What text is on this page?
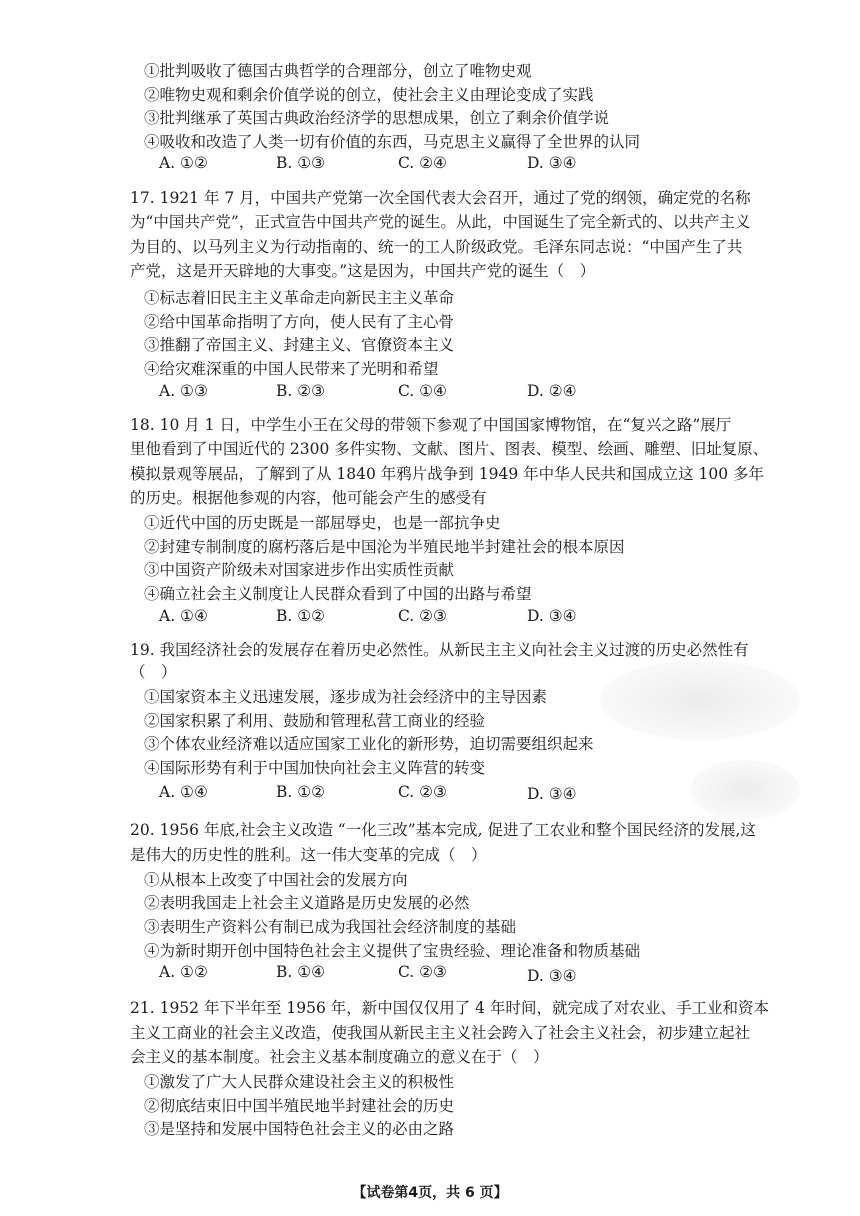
①批判吸收了德国古典哲学的合理部分，创立了唯物史观
②唯物史观和剩余价值学说的创立，使社会主义由理论变成了实践
③批判继承了英国古典政治经济学的思想成果，创立了剩余价值学说
④吸收和改造了人类一切有价值的东西，马克思主义赢得了全世界的认同
A. ①②	B. ①③	C. ②④	D. ③④
17. 1921 年 7 月，中国共产党第一次全国代表大会召开，通过了党的纲领，确定党的名称
为“中国共产党”，正式宣告中国共产党的诞生。从此，中国诞生了完全新式的、以共产主义
为目的、以马列主义为行动指南的、统一的工人阶级政党。毛泽东同志说：“中国产生了共
产党，这是开天辟地的大事变。”这是因为，中国共产党的诞生（　）
①标志着旧民主主义革命走向新民主主义革命
②给中国革命指明了方向，使人民有了主心骨
③推翻了帝国主义、封建主义、官僚资本主义
④给灾难深重的中国人民带来了光明和希望
A. ①③	B. ②③	C. ①④	D. ②④
18. 10 月 1 日，中学生小王在父母的带领下参观了中国国家博物馆，在“复兴之路”展厅
里他看到了中国近代的 2300 多件实物、文献、图片、图表、模型、绘画、雕塑、旧址复原、
模拟景观等展品，了解到了从 1840 年鸦片战争到 1949 年中华人民共和国成立这 100 多年
的历史。根据他参观的内容，他可能会产生的感受有
①近代中国的历史既是一部屈辱史，也是一部抗争史
②封建专制制度的腐朽落后是中国沦为半殖民地半封建社会的根本原因
③中国资产阶级未对国家进步作出实质性贡献
④确立社会主义制度让人民群众看到了中国的出路与希望
A. ①④	B. ①②	C. ②③	D. ③④
19. 我国经济社会的发展存在着历史必然性。从新民主主义向社会主义过渡的历史必然性有
（　）
①国家资本主义迅速发展，逐步成为社会经济中的主导因素
②国家积累了利用、鼓励和管理私营工商业的经验
③个体农业经济难以适应国家工业化的新形势，迫切需要组织起来
④国际形势有利于中国加快向社会主义阵营的转变
A. ①④	B. ①②	C. ②③	D. ③④
20. 1956 年底,社会主义改造 “一化三改”基本完成, 促进了工农业和整个国民经济的发展,这
是伟大的历史性的胜利。这一伟大变革的完成（　）
①从根本上改变了中国社会的发展方向
②表明我国走上社会主义道路是历史发展的必然
③表明生产资料公有制已成为我国社会经济制度的基础
④为新时期开创中国特色社会主义提供了宝贵经验、理论准备和物质基础
A. ①②	B. ①④	C. ②③	D. ③④
21. 1952 年下半年至 1956 年，新中国仅仅用了 4 年时间，就完成了对农业、手工业和资本
主义工商业的社会主义改造，使我国从新民主主义社会跨入了社会主义社会，初步建立起社
会主义的基本制度。社会主义基本制度确立的意义在于（　）
①激发了广大人民群众建设社会主义的积极性
②彻底结束旧中国半殖民地半封建社会的历史
③是坚持和发展中国特色社会主义的必由之路
【试卷第4页，共 6 页】
